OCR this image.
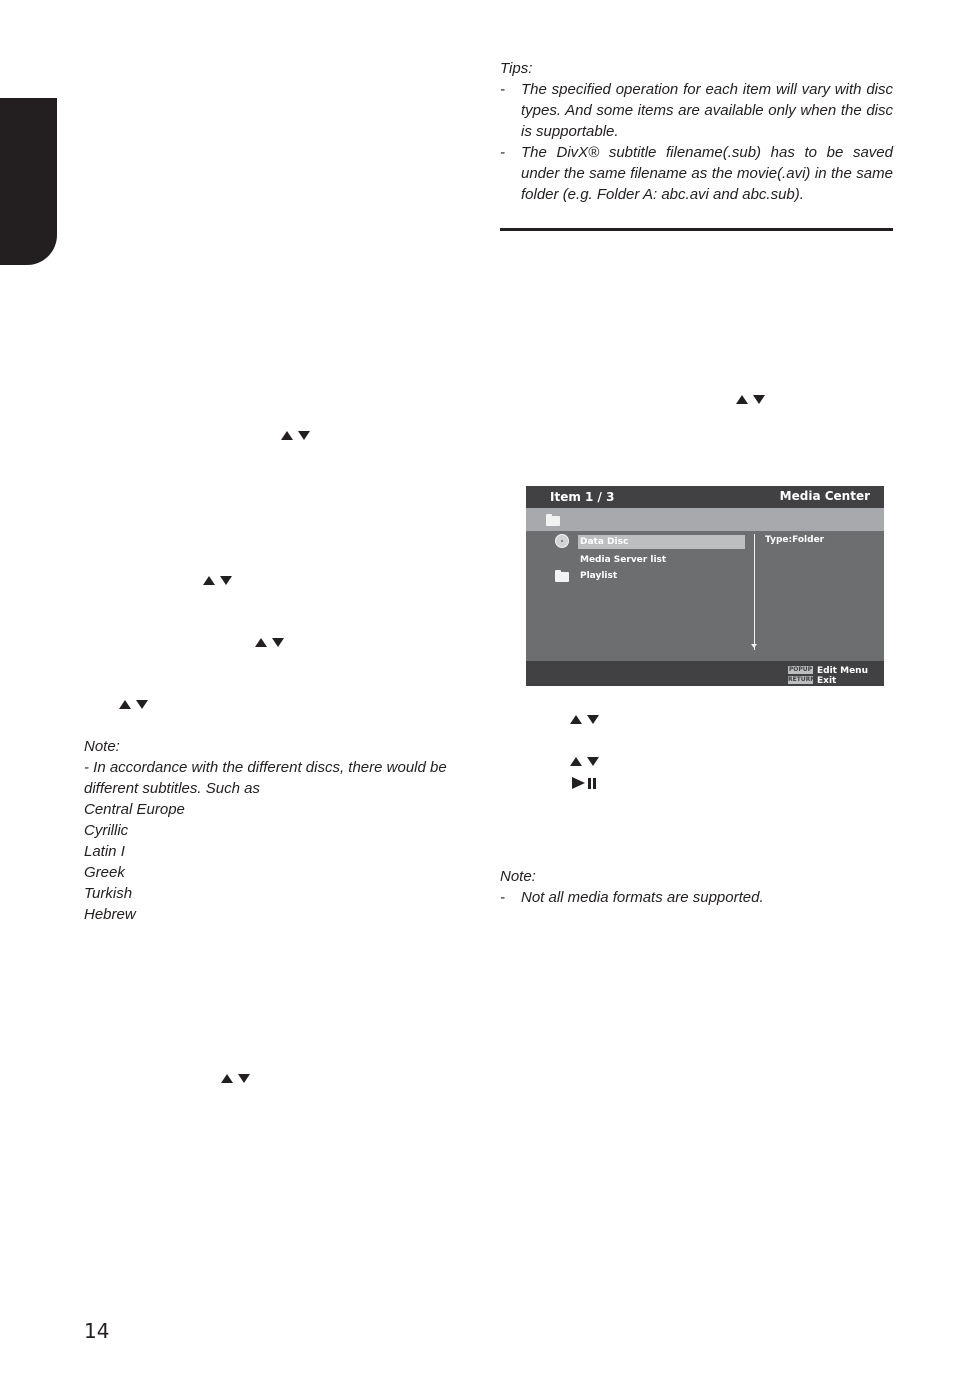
Tips:
-	The specified operation for each item will vary with disc types. And some items are available only when the disc is supportable.
-	The DivX® subtitle filename(.sub) has to be saved under the same filename as the movie(.avi) in the same folder (e.g. Folder A: abc.avi and abc.sub).
Item 1 / 3	Media Center
Data Disc
Media Server list
Playlist
Type:Folder
POPUP Edit Menu
RETURN Exit
Note:
- In accordance with the different discs, there would be different subtitles. Such as
Central Europe
Cyrillic
Latin I
Greek
Turkish
Hebrew
Note:
-	Not all media formats are supported.
14
